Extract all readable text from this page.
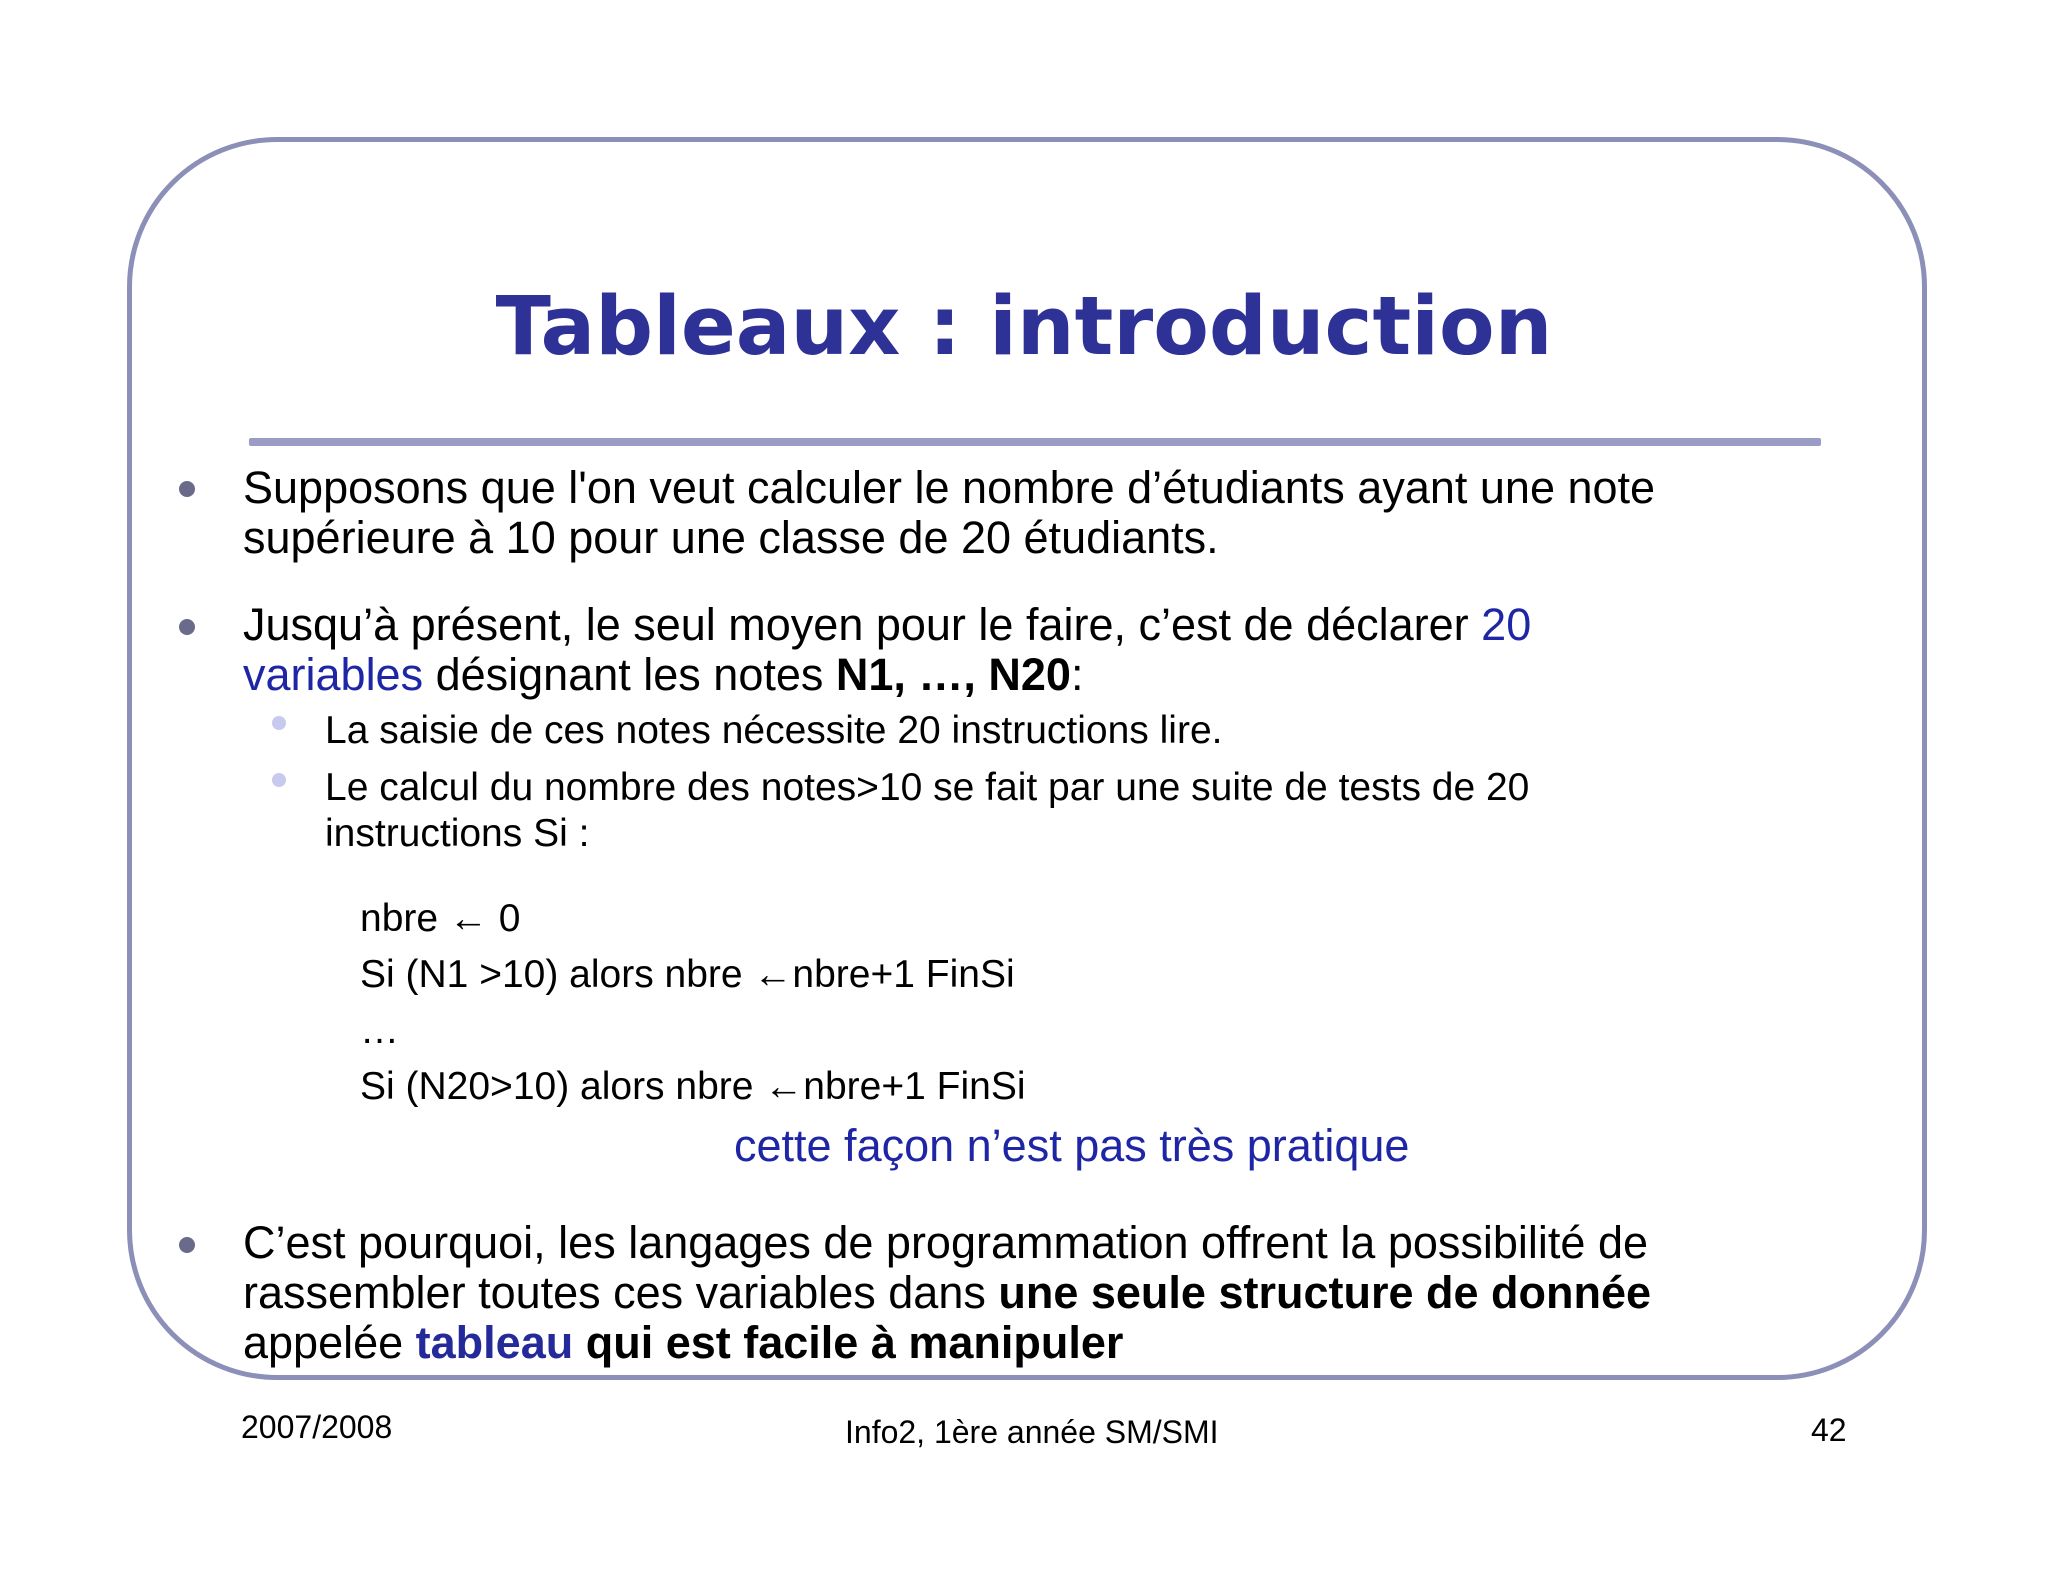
Tableaux : introduction

Supposons que l'on veut calculer le nombre d’étudiants ayant une note

supérieure à 10 pour une classe de 20 étudiants.

Jusqu’à présent, le seul moyen pour le faire, c’est de déclarer 20

variables désignant les notes N1, …, N20:

La saisie de ces notes nécessite 20 instructions lire.

Le calcul du nombre des notes>10 se fait par une suite de tests de 20

instructions Si :

nbre ← 0

Si (N1 >10) alors nbre ←nbre+1 FinSi

…

Si (N20>10) alors nbre ←nbre+1 FinSi

cette façon n’est pas très pratique

C’est pourquoi, les langages de programmation offrent la possibilité de

rassembler toutes ces variables dans une seule structure de donnée

appelée tableau qui est facile à manipuler

2007/2008	Info2, 1ère année SM/SMI	42
